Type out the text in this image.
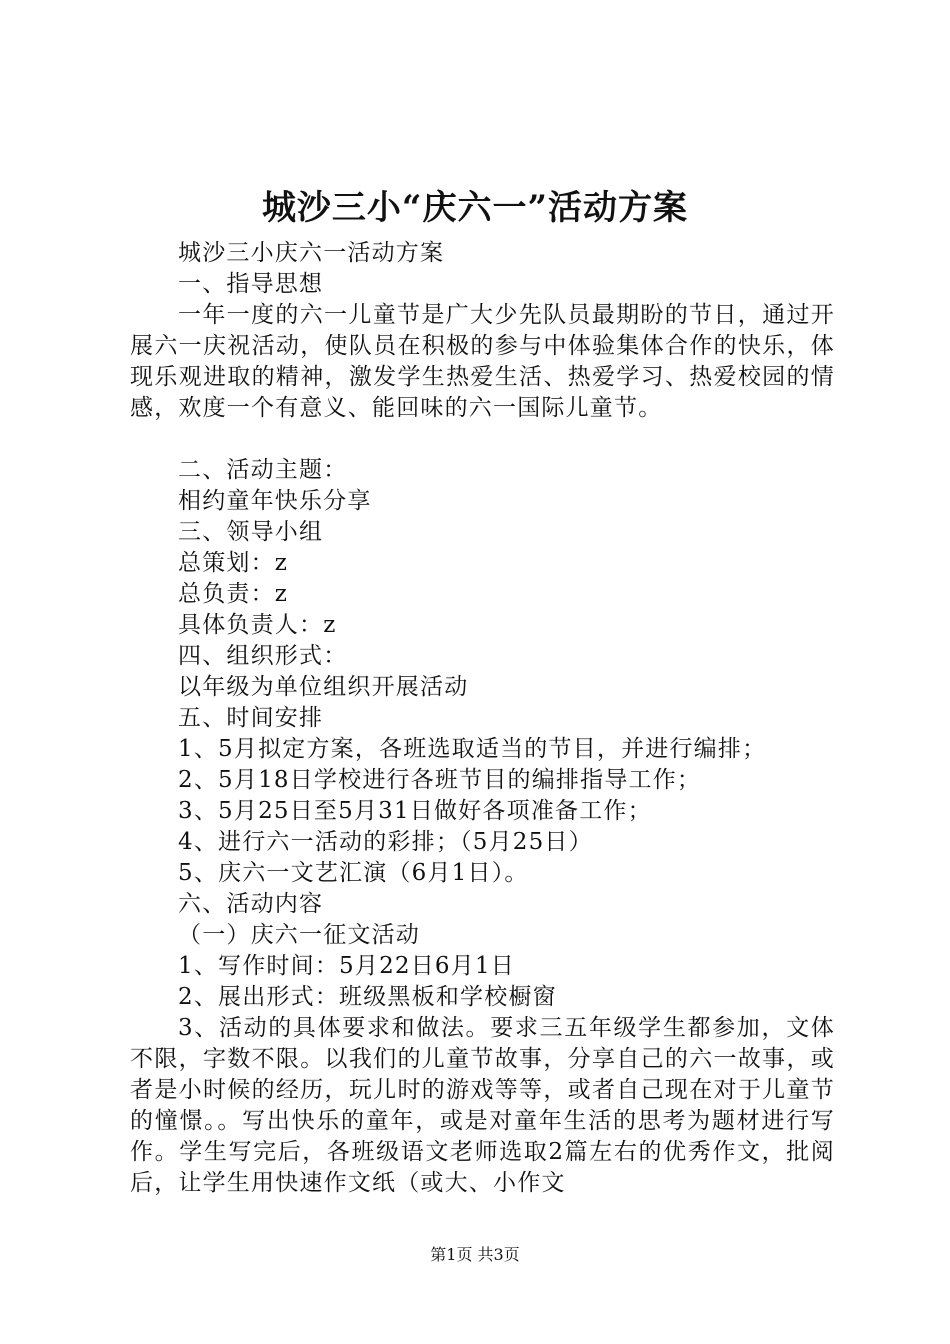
城沙三小“庆六一”活动方案

城沙三小庆六一活动方案

一、指导思想

一年一度的六一儿童节是广大少先队员最期盼的节日，通过开展六一庆祝活动，使队员在积极的参与中体验集体合作的快乐，体现乐观进取的精神，激发学生热爱生活、热爱学习、热爱校园的情感，欢度一个有意义、能回味的六一国际儿童节。

二、活动主题：

相约童年快乐分享

三、领导小组

总策划：z

总负责：z

具体负责人：z

四、组织形式：

以年级为单位组织开展活动

五、时间安排

1、5月拟定方案，各班选取适当的节目，并进行编排；

2、5月18日学校进行各班节目的编排指导工作；

3、5月25日至5月31日做好各项准备工作；

4、进行六一活动的彩排；（5月25日）

5、庆六一文艺汇演（6月1日）。

六、活动内容

（一）庆六一征文活动

1、写作时间：5月22日6月1日

2、展出形式：班级黑板和学校橱窗

3、活动的具体要求和做法。要求三五年级学生都参加，文体不限，字数不限。以我们的儿童节故事，分享自己的六一故事，或者是小时候的经历，玩儿时的游戏等等，或者自己现在对于儿童节的憧憬。。写出快乐的童年，或是对童年生活的思考为题材进行写作。学生写完后，各班级语文老师选取2篇左右的优秀作文，批阅后，让学生用快速作文纸（或大、小作文

第1页 共3页
